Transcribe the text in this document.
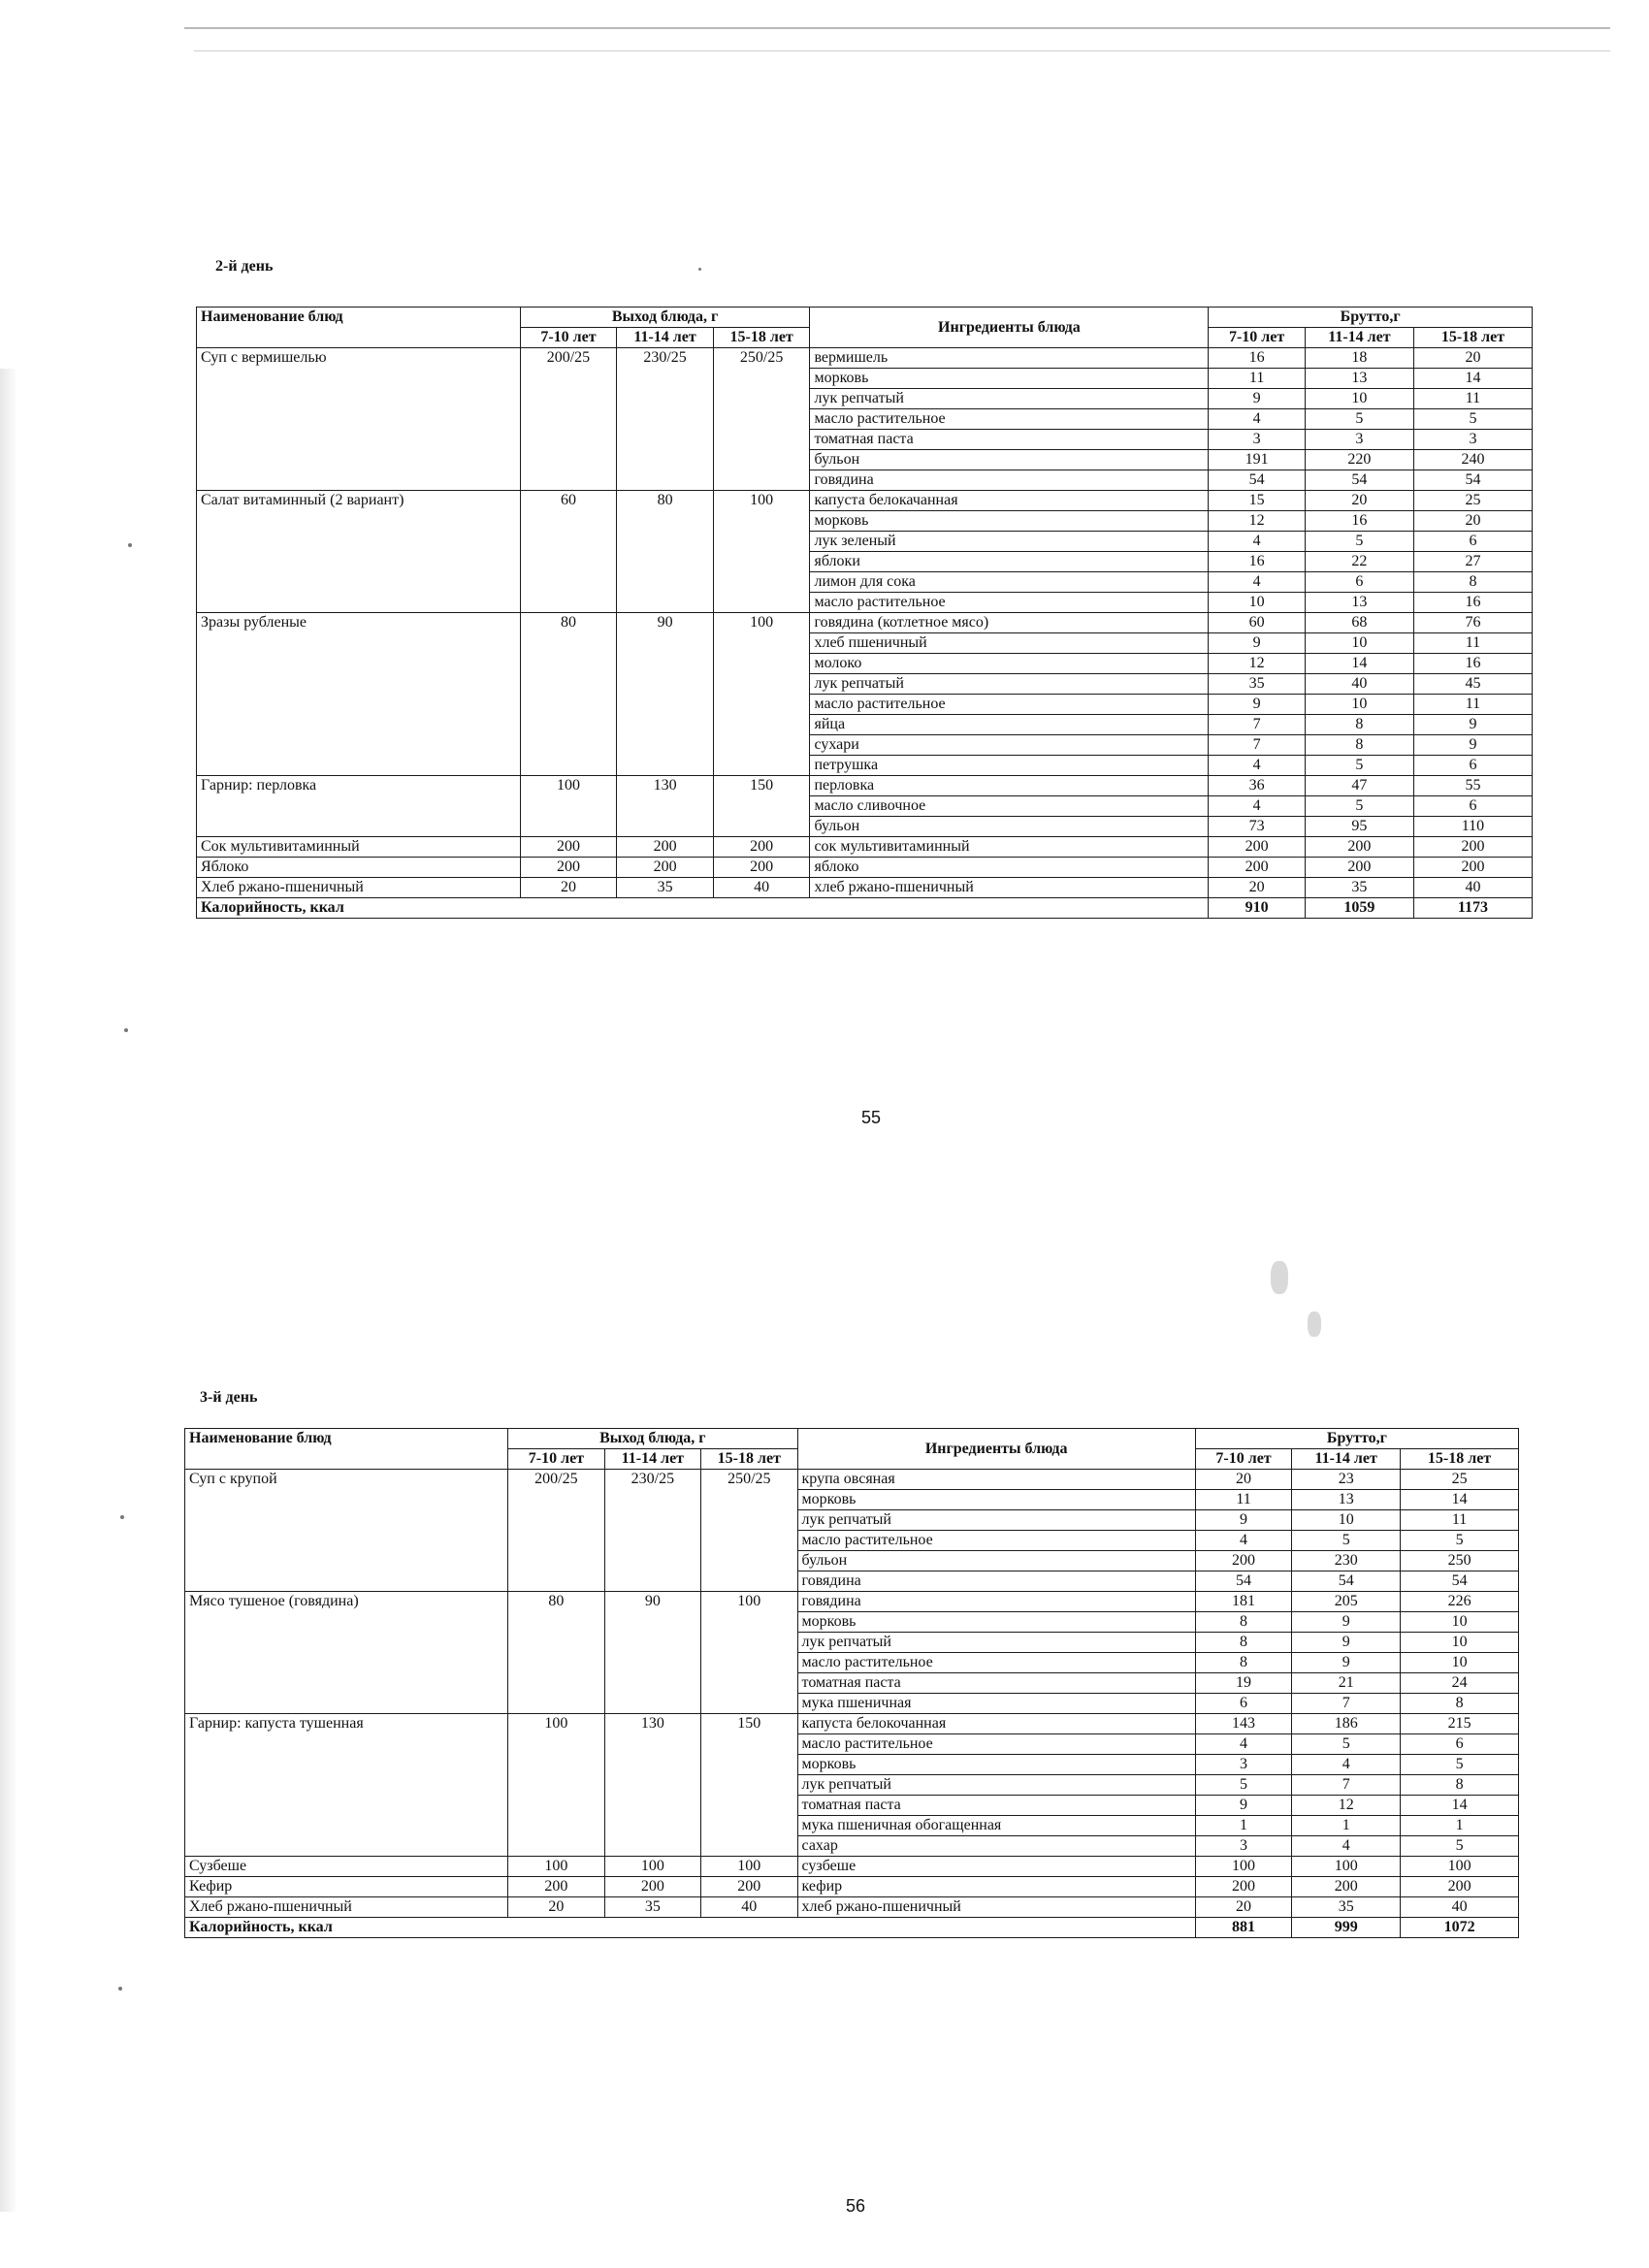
2-й день
Наименование блюд	Выход блюда, г			Ингредиенты блюда	Брутто,г		
	7-10 лет	11-14 лет	15-18 лет		7-10 лет	11-14 лет	15-18 лет
Суп с вермишелью	200/25	230/25	250/25	вермишель	16	18	20
				морковь	11	13	14
				лук репчатый	9	10	11
				масло растительное	4	5	5
				томатная паста	3	3	3
				бульон	191	220	240
				говядина	54	54	54
Салат витаминный (2 вариант)	60	80	100	капуста белокачанная	15	20	25
				морковь	12	16	20
				лук зеленый	4	5	6
				яблоки	16	22	27
				лимон для сока	4	6	8
				масло растительное	10	13	16
Зразы рубленые	80	90	100	говядина (котлетное мясо)	60	68	76
				хлеб пшеничный	9	10	11
				молоко	12	14	16
				лук репчатый	35	40	45
				масло растительное	9	10	11
				яйца	7	8	9
				сухари	7	8	9
				петрушка	4	5	6
Гарнир: перловка	100	130	150	перловка	36	47	55
				масло сливочное	4	5	6
				бульон	73	95	110
Сок мультивитаминный	200	200	200	сок мультивитаминный	200	200	200
Яблоко	200	200	200	яблоко	200	200	200
Хлеб ржано-пшеничный	20	35	40	хлеб ржано-пшеничный	20	35	40
Калорийность, ккал					910	1059	1173
55
3-й день
Наименование блюд	Выход блюда, г			Ингредиенты блюда	Брутто,г		
	7-10 лет	11-14 лет	15-18 лет		7-10 лет	11-14 лет	15-18 лет
Суп с крупой	200/25	230/25	250/25	крупа овсяная	20	23	25
				морковь	11	13	14
				лук репчатый	9	10	11
				масло растительное	4	5	5
				бульон	200	230	250
				говядина	54	54	54
Мясо тушеное (говядина)	80	90	100	говядина	181	205	226
				морковь	8	9	10
				лук репчатый	8	9	10
				масло растительное	8	9	10
				томатная паста	19	21	24
				мука пшеничная	6	7	8
Гарнир: капуста тушенная	100	130	150	капуста белокочанная	143	186	215
				масло растительное	4	5	6
				морковь	3	4	5
				лук репчатый	5	7	8
				томатная паста	9	12	14
				мука пшеничная обогащенная	1	1	1
				сахар	3	4	5
Сузбеше	100	100	100	сузбеше	100	100	100
Кефир	200	200	200	кефир	200	200	200
Хлеб ржано-пшеничный	20	35	40	хлеб ржано-пшеничный	20	35	40
Калорийность, ккал					881	999	1072
56
